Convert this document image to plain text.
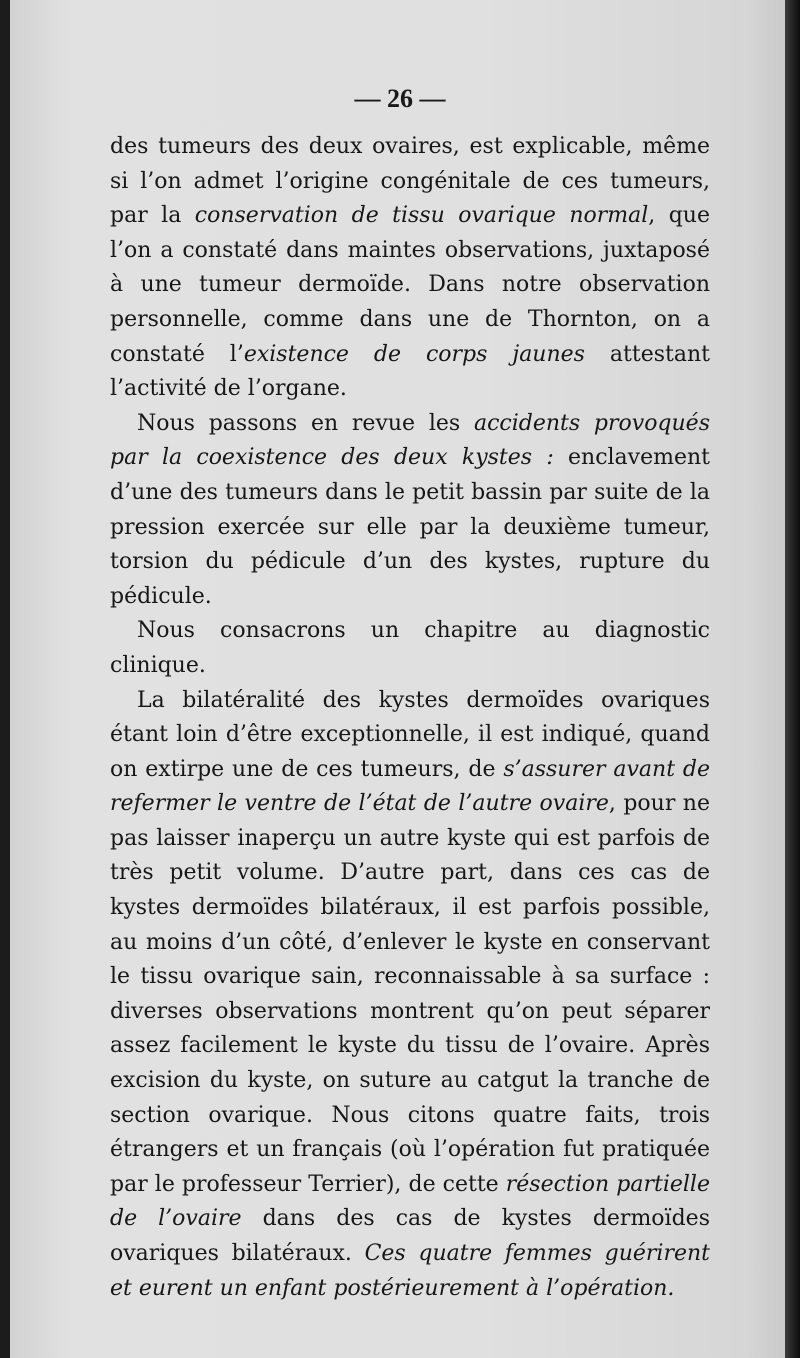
— 26 —

des tumeurs des deux ovaires, est explicable, même si l’on admet l’origine congénitale de ces tumeurs, par la conservation de tissu ovarique normal, que l’on a constaté dans maintes observations, juxtaposé à une tumeur dermoïde. Dans notre observation personnelle, comme dans une de Thornton, on a constaté l’existence de corps jaunes attestant l’activité de l’organe.

Nous passons en revue les accidents provoqués par la coexistence des deux kystes : enclavement d’une des tumeurs dans le petit bassin par suite de la pression exercée sur elle par la deuxième tumeur, torsion du pédicule d’un des kystes, rupture du pédicule.

Nous consacrons un chapitre au diagnostic clinique.

La bilatéralité des kystes dermoïdes ovariques étant loin d’être exceptionnelle, il est indiqué, quand on extirpe une de ces tumeurs, de s’assurer avant de refermer le ventre de l’état de l’autre ovaire, pour ne pas laisser inaperçu un autre kyste qui est parfois de très petit volume. D’autre part, dans ces cas de kystes dermoïdes bilatéraux, il est parfois possible, au moins d’un côté, d’enlever le kyste en conservant le tissu ovarique sain, reconnaissable à sa surface : diverses observations montrent qu’on peut séparer assez facilement le kyste du tissu de l’ovaire. Après excision du kyste, on suture au catgut la tranche de section ovarique. Nous citons quatre faits, trois étrangers et un français (où l’opération fut pratiquée par le professeur Terrier), de cette résection partielle de l’ovaire dans des cas de kystes dermoïdes ovariques bilatéraux. Ces quatre femmes guérirent et eurent un enfant postérieurement à l’opération.
